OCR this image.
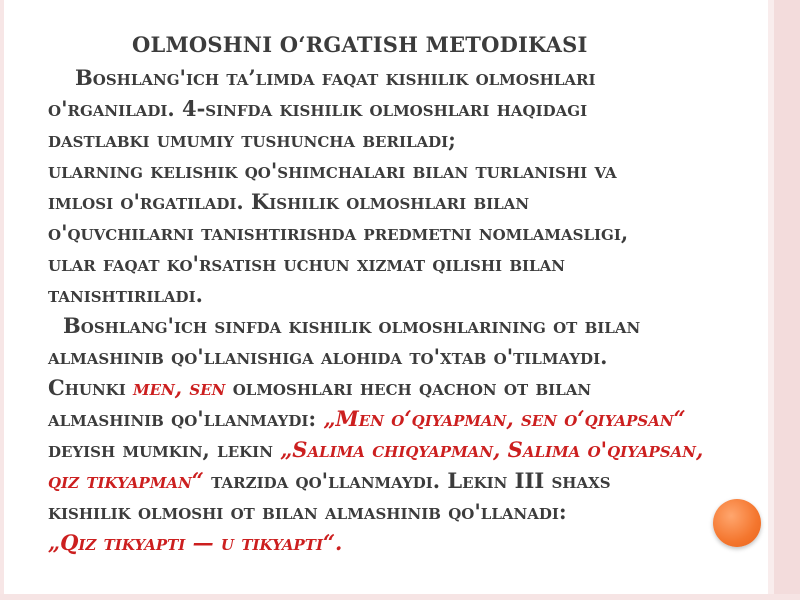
OLMOSHNI O‘RGATISH METODIKASI
Boshlang'ich ta’limda faqat kishilik olmoshlari
o'rganiladi. 4-sinfda kishilik olmoshlari haqidagi
dastlabki umumiy tushuncha beriladi;
ularning kelishik qo'shimchalari bilan turlanishi va
imlosi o'rgatiladi. Kishilik olmoshlari bilan
o'quvchilarni tanishtirishda predmetni nomlamasligi,
ular faqat ko'rsatish uchun xizmat qilishi bilan
tanishtiriladi.
Boshlang'ich sinfda kishilik olmoshlarining ot bilan
almashinib qo'llanishiga alohida to'xtab o'tilmaydi.
Chunki men, sen olmoshlari hech qachon ot bilan
almashinib qo'llanmaydi: „Men o‘qiyapman, sen o‘qiyapsan“
deyish mumkin, lekin „Salima chiqyapman, Salima o'qiyapsan,
qiz tikyapman“ tarzida qo'llanmaydi. Lekin III shaxs
kishilik olmoshi ot bilan almashinib qo'llanadi:
„Qiz tikyapti — u tikyapti“.
